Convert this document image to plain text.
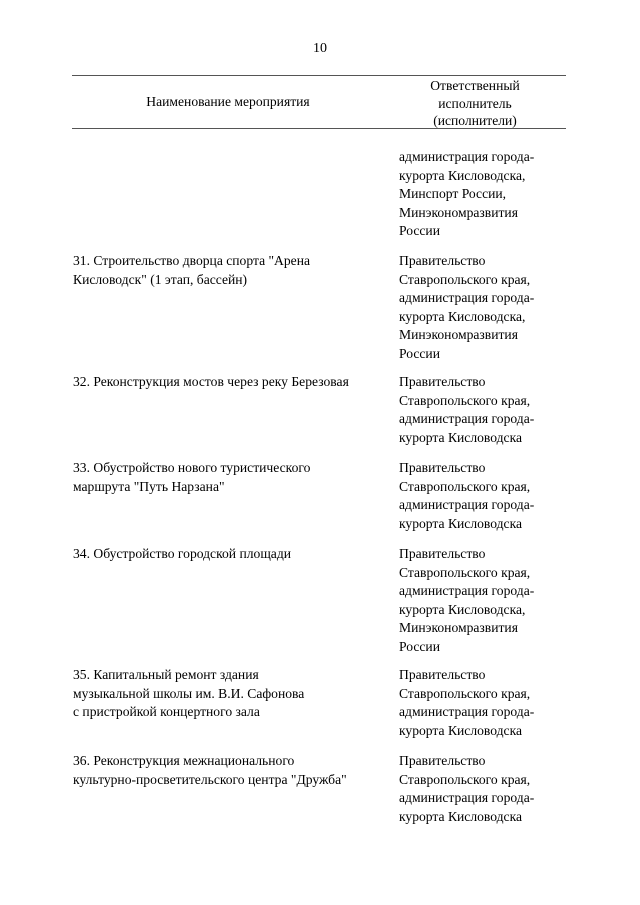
10
Наименование мероприятия
Ответственный
исполнитель
(исполнители)
администрация города-
курорта Кисловодска,
Минспорт России,
Минэкономразвития
России
31. Строительство дворца спорта "Арена
Кисловодск" (1 этап, бассейн)
Правительство
Ставропольского края,
администрация города-
курорта Кисловодска,
Минэкономразвития
России
32. Реконструкция мостов через реку Березовая	Правительство
Ставропольского края,
администрация города-
курорта Кисловодска
33. Обустройство нового туристического
маршрута "Путь Нарзана"
Правительство
Ставропольского края,
администрация города-
курорта Кисловодска
34. Обустройство городской площади	Правительство
Ставропольского края,
администрация города-
курорта Кисловодска,
Минэкономразвития
России
35. Капитальный ремонт здания
музыкальной школы им. В.И. Сафонова
с пристройкой концертного зала
Правительство
Ставропольского края,
администрация города-
курорта Кисловодска
36. Реконструкция межнационального
культурно-просветительского центра "Дружба"
Правительство
Ставропольского края,
администрация города-
курорта Кисловодска
